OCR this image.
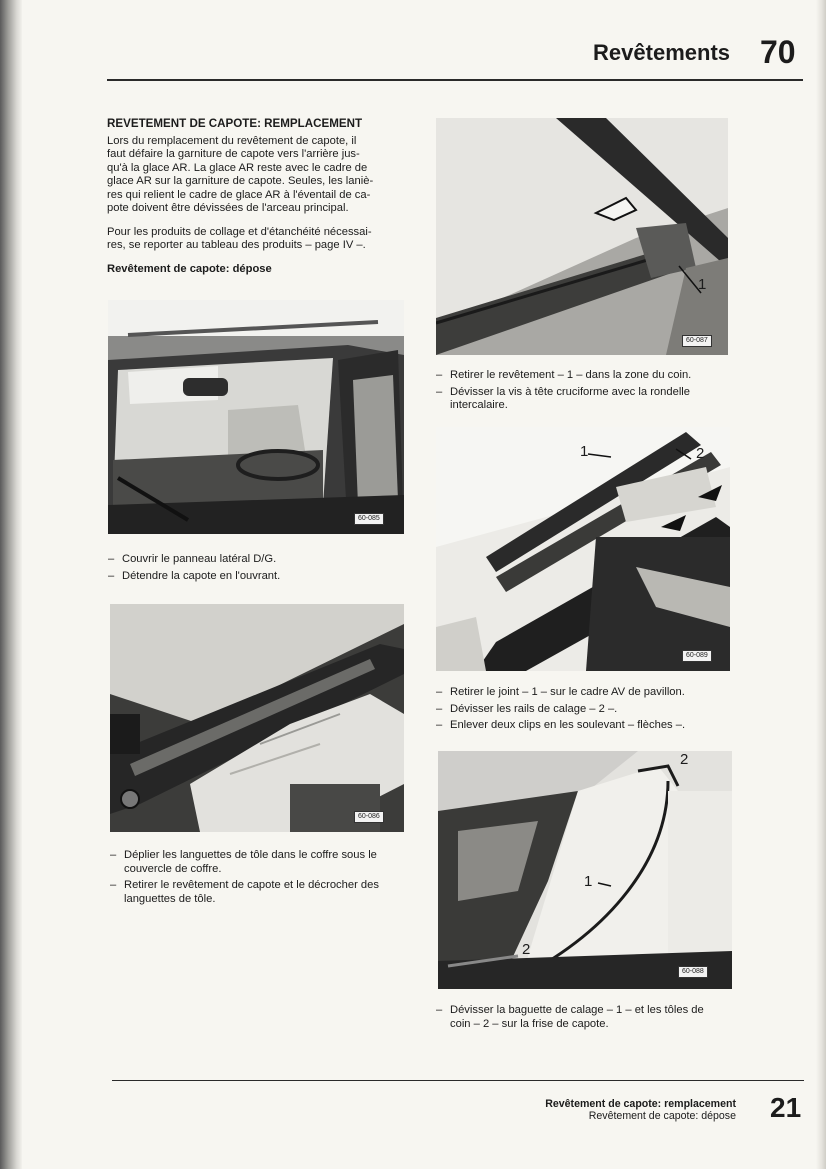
Revêtements 70
REVETEMENT DE CAPOTE: REMPLACEMENT
Lors du remplacement du revêtement de capote, il
faut défaire la garniture de capote vers l'arrière jus-
qu'à la glace AR. La glace AR reste avec le cadre de
glace AR sur la garniture de capote. Seules, les laniè-
res qui relient le cadre de glace AR à l'éventail de ca-
pote doivent être dévissées de l'arceau principal.
Pour les produits de collage et d'étanchéité nécessai-
res, se reporter au tableau des produits – page IV –.
Revêtement de capote: dépose
60-085
– Couvrir le panneau latéral D/G.
– Détendre la capote en l'ouvrant.
60-086
– Déplier les languettes de tôle dans le coffre sous le
couvercle de coffre.
– Retirer le revêtement de capote et le décrocher des
languettes de tôle.
1
60-087
– Retirer le revêtement – 1 – dans la zone du coin.
– Dévisser la vis à tête cruciforme avec la rondelle
intercalaire.
1	2
60-089
– Retirer le joint – 1 – sur le cadre AV de pavillon.
– Dévisser les rails de calage – 2 –.
– Enlever deux clips en les soulevant – flèches –.
1
2
2
60-088
– Dévisser la baguette de calage – 1 – et les tôles de
coin – 2 – sur la frise de capote.
Revêtement de capote: remplacement
Revêtement de capote: dépose 21
